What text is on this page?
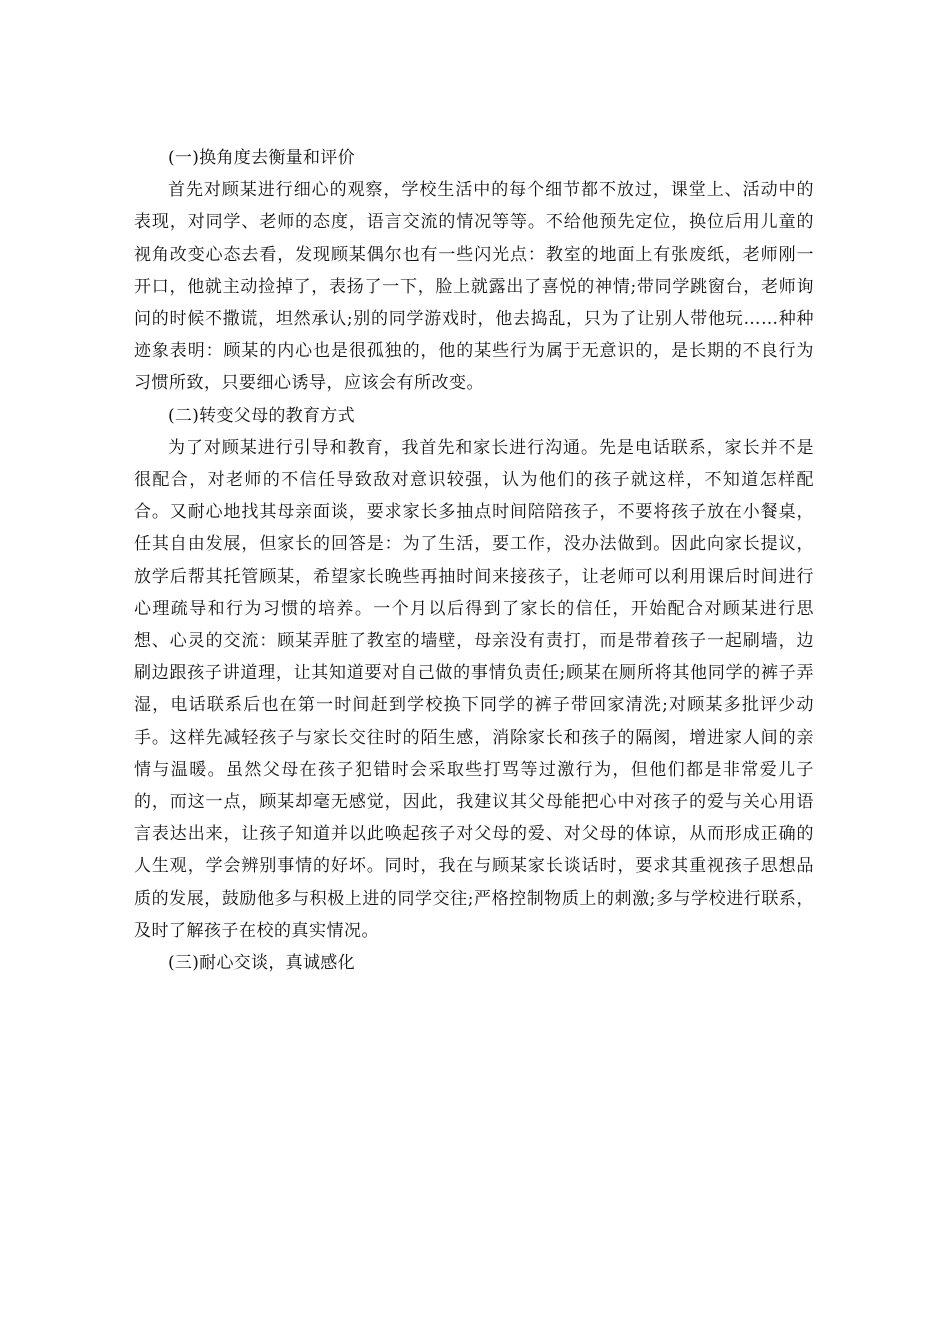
(一)换角度去衡量和评价

首先对顾某进行细心的观察，学校生活中的每个细节都不放过，课堂上、活动中的表现，对同学、老师的态度，语言交流的情况等等。不给他预先定位，换位后用儿童的视角改变心态去看，发现顾某偶尔也有一些闪光点：教室的地面上有张废纸，老师刚一开口，他就主动捡掉了，表扬了一下，脸上就露出了喜悦的神情;带同学跳窗台，老师询问的时候不撒谎，坦然承认;别的同学游戏时，他去捣乱，只为了让别人带他玩……种种迹象表明：顾某的内心也是很孤独的，他的某些行为属于无意识的，是长期的不良行为习惯所致，只要细心诱导，应该会有所改变。

(二)转变父母的教育方式

为了对顾某进行引导和教育，我首先和家长进行沟通。先是电话联系，家长并不是很配合，对老师的不信任导致敌对意识较强，认为他们的孩子就这样，不知道怎样配合。又耐心地找其母亲面谈，要求家长多抽点时间陪陪孩子，不要将孩子放在小餐桌，任其自由发展，但家长的回答是：为了生活，要工作，没办法做到。因此向家长提议，放学后帮其托管顾某，希望家长晚些再抽时间来接孩子，让老师可以利用课后时间进行心理疏导和行为习惯的培养。一个月以后得到了家长的信任，开始配合对顾某进行思想、心灵的交流：顾某弄脏了教室的墙壁，母亲没有责打，而是带着孩子一起刷墙，边刷边跟孩子讲道理，让其知道要对自己做的事情负责任;顾某在厕所将其他同学的裤子弄湿，电话联系后也在第一时间赶到学校换下同学的裤子带回家清洗;对顾某多批评少动手。这样先减轻孩子与家长交往时的陌生感，消除家长和孩子的隔阂，增进家人间的亲情与温暖。虽然父母在孩子犯错时会采取些打骂等过激行为，但他们都是非常爱儿子的，而这一点，顾某却毫无感觉，因此，我建议其父母能把心中对孩子的爱与关心用语言表达出来，让孩子知道并以此唤起孩子对父母的爱、对父母的体谅，从而形成正确的人生观，学会辨别事情的好坏。同时，我在与顾某家长谈话时，要求其重视孩子思想品质的发展，鼓励他多与积极上进的同学交往;严格控制物质上的刺激;多与学校进行联系，及时了解孩子在校的真实情况。

(三)耐心交谈，真诚感化
